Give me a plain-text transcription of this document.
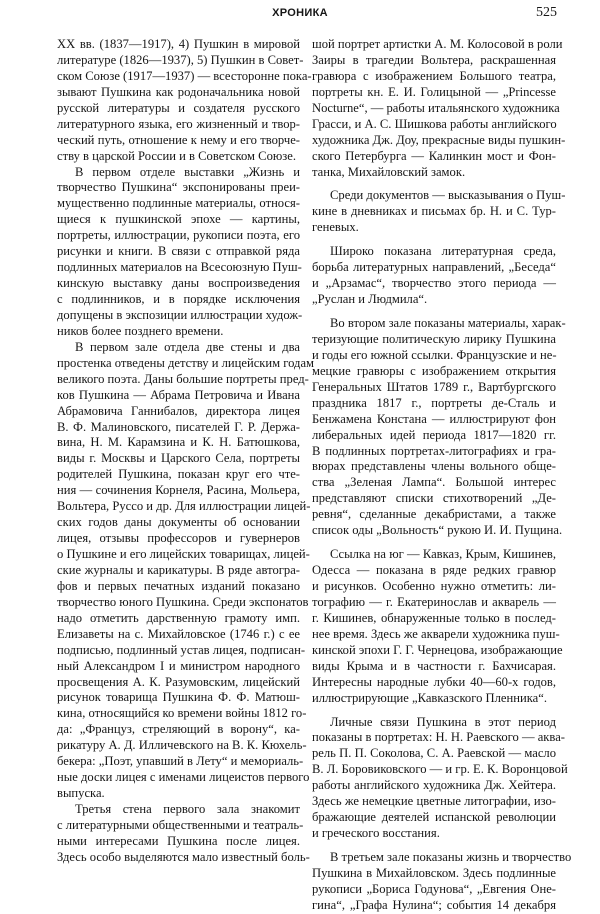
ХРОНИКА	525
XX вв. (1837—1917), 4) Пушкин в мировой
литературе (1826—1937), 5) Пушкин в Совет-
ском Союзе (1917—1937) — всесторонне пока-
зывают Пушкина как родоначальника новой
русской литературы и создателя русского
литературного языка, его жизненный и твор-
ческий путь, отношение к нему и его творче-
ству в царской России и в Советском Союзе.
В первом отделе выставки „Жизнь и
творчество Пушкина“ экспонированы преи-
мущественно подлинные материалы, относя-
щиеся к пушкинской эпохе — картины,
портреты, иллюстрации, рукописи поэта, его
рисунки и книги. В связи с отправкой ряда
подлинных материалов на Всесоюзную Пуш-
кинскую выставку даны воспроизведения
с подлинников, и в порядке исключения
допущены в экспозиции иллюстрации худож-
ников более позднего времени.
В первом зале отдела две стены и два
простенка отведены детству и лицейским годам
великого поэта. Даны большие портреты пред-
ков Пушкина — Абрама Петровича и Ивана
Абрамовича Ганнибалов, директора лицея
В. Ф. Малиновского, писателей Г. Р. Держа-
вина, Н. М. Карамзина и К. Н. Батюшкова,
виды г. Москвы и Царского Села, портреты
родителей Пушкина, показан круг его чте-
ния — сочинения Корнеля, Расина, Мольера,
Вольтера, Руссо и др. Для иллюстрации лицей-
ских годов даны документы об основании
лицея, отзывы профессоров и гувернеров
о Пушкине и его лицейских товарищах, лицей-
ские журналы и карикатуры. В ряде автогра-
фов и первых печатных изданий показано
творчество юного Пушкина. Среди экспонатов
надо отметить дарственную грамоту имп.
Елизаветы на с. Михайловское (1746 г.) с ее
подписью, подлинный устав лицея, подписан-
ный Александром I и министром народного
просвещения А. К. Разумовским, лицейский
рисунок товарища Пушкина Ф. Ф. Матюш-
кина, относящийся ко времени войны 1812 го-
да: „Француз, стреляющий в ворону“, ка-
рикатуру А. Д. Илличевского на В. К. Кюхель-
бекера: „Поэт, упавший в Лету“ и мемориаль-
ные доски лицея с именами лицеистов первого
выпуска.
Третья стена первого зала знакомит
с литературными общественными и театраль-
ными интересами Пушкина после лицея.
Здесь особо выделяются мало известный боль-
шой портрет артистки А. М. Колосовой в роли
Заиры в трагедии Вольтера, раскрашенная
гравюра с изображением Большого театра,
портреты кн. Е. И. Голицыной — „Princesse
Nocturne“, — работы итальянского художника
Грасси, и А. С. Шишкова работы английского
художника Дж. Доу, прекрасные виды пушкин-
ского Петербурга — Калинкин мост и Фон-
танка, Михайловский замок.
Среди документов — высказывания о Пуш-
кине в дневниках и письмах бр. Н. и С. Тур-
геневых.
Широко показана литературная среда,
борьба литературных направлений, „Беседа“
и „Арзамас“, творчество этого периода —
„Руслан и Людмила“.
Во втором зале показаны материалы, харак-
теризующие политическую лирику Пушкина
и годы его южной ссылки. Французские и не-
мецкие гравюры с изображением открытия
Генеральных Штатов 1789 г., Вартбургского
праздника 1817 г., портреты де-Сталь и
Бенжамена Констана — иллюстрируют фон
либеральных идей периода 1817—1820 гг.
В подлинных портретах-литографиях и гра-
вюрах представлены члены вольного обще-
ства „Зеленая Лампа“. Большой интерес
представляют списки стихотворений „Де-
ревня“, сделанные декабристами, а также
список оды „Вольность“ рукою И. И. Пущина.
Ссылка на юг — Кавказ, Крым, Кишинев,
Одесса — показана в ряде редких гравюр
и рисунков. Особенно нужно отметить: ли-
тографию — г. Екатеринослав и акварель —
г. Кишинев, обнаруженные только в послед-
нее время. Здесь же акварели художника пуш-
кинской эпохи Г. Г. Чернецова, изображающие
виды Крыма и в частности г. Бахчисарая.
Интересны народные лубки 40—60-х годов,
иллюстрирующие „Кавказского Пленника“.
Личные связи Пушкина в этот период
показаны в портретах: Н. Н. Раевского — аква-
рель П. П. Соколова, С. А. Раевской — масло
В. Л. Боровиковского — и гр. Е. К. Воронцовой
работы английского художника Дж. Хейтера.
Здесь же немецкие цветные литографии, изо-
бражающие деятелей испанской революции
и греческого восстания.
В третьем зале показаны жизнь и творчество
Пушкина в Михайловском. Здесь подлинные
рукописи „Бориса Годунова“, „Евгения Оне-
гина“, „Графа Нулина“; события 14 декабря
